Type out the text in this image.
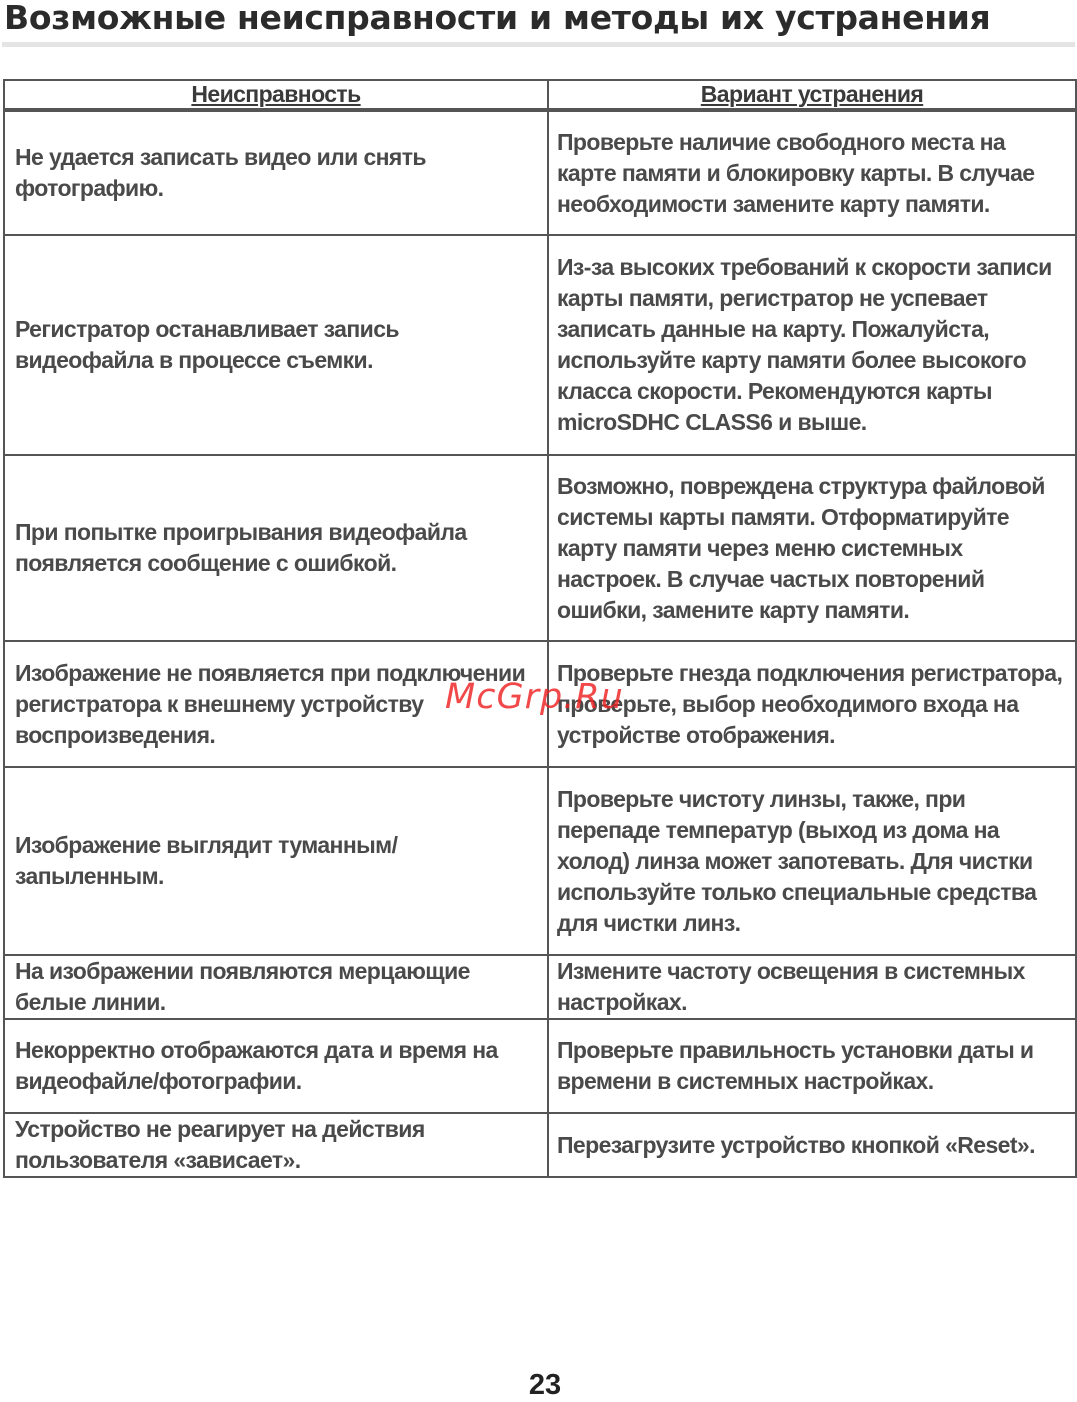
Возможные неисправности и методы их устранения
Неисправность	Вариант устранения

Не удается записать видео или снять фотографию.	Проверьте наличие свободного места на карте памяти и блокировку карты. В случае необходимости замените карту памяти.

Регистратор останавливает запись видеофайла в процессе съемки.	Из-за высоких требований к скорости записи карты памяти, регистратор не успевает записать данные на карту. Пожалуйста, используйте карту памяти более высокого класса скорости. Рекомендуются карты microSDHC CLASS6 и выше.

При попытке проигрывания видеофайла появляется сообщение с ошибкой.	Возможно, повреждена структура файловой системы карты памяти. Отформатируйте карту памяти через меню системных настроек. В случае частых повторений ошибки, замените карту памяти.

Изображение не появляется при подключении регистратора к внешнему устройству воспроизведения.	Проверьте гнезда подключения регистратора, проверьте, выбор необходимого входа на устройстве отображения.

Изображение выглядит туманным/запыленным.	Проверьте чистоту линзы, также, при перепаде температур (выход из дома на холод) линза может запотевать. Для чистки используйте только специальные средства для чистки линз.

На изображении появляются мерцающие белые линии.	Измените частоту освещения в системных настройках.

Некорректно отображаются дата и время на видеофайле/фотографии.	Проверьте правильность установки даты и времени в системных настройках.

Устройство не реагирует на действия пользователя «зависает».	Перезагрузите устройство кнопкой «Reset».
McGrp.Ru
23
